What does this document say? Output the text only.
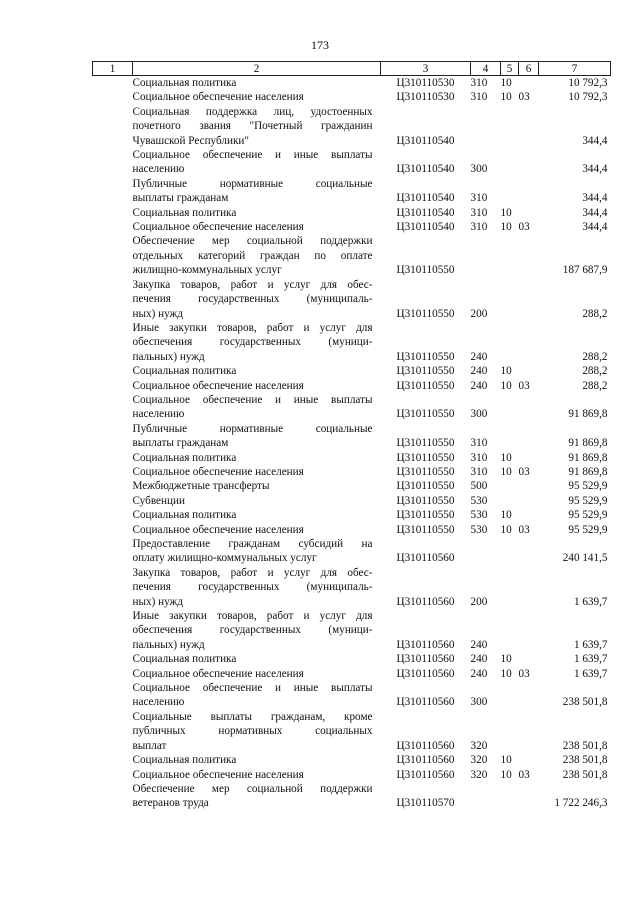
173
1	2	3	4	5	6	7

	Социальная политика	Ц310110530	310	10		10 792,3

	Социальное обеспечение населения	Ц310110530	310	10	03	10 792,3

	Социальная поддержка лиц, удостоенных
почетного звания "Почетный гражданин
Чувашской Республики"	Ц310110540				344,4

	Социальное обеспечение и иные выплаты
населению	Ц310110540	300			344,4

	Публичные нормативные социальные
выплаты гражданам	Ц310110540	310			344,4

	Социальная политика	Ц310110540	310	10		344,4

	Социальное обеспечение населения	Ц310110540	310	10	03	344,4

	Обеспечение мер социальной поддержки
отдельных категорий граждан по оплате
жилищно-коммунальных услуг	Ц310110550				187 687,9

	Закупка товаров, работ и услуг для обес-
печения государственных (муниципаль-
ных) нужд	Ц310110550	200			288,2

	Иные закупки товаров, работ и услуг для
обеспечения государственных (муници-
пальных) нужд	Ц310110550	240			288,2

	Социальная политика	Ц310110550	240	10		288,2

	Социальное обеспечение населения	Ц310110550	240	10	03	288,2

	Социальное обеспечение и иные выплаты
населению	Ц310110550	300			91 869,8

	Публичные нормативные социальные
выплаты гражданам	Ц310110550	310			91 869,8

	Социальная политика	Ц310110550	310	10		91 869,8

	Социальное обеспечение населения	Ц310110550	310	10	03	91 869,8

	Межбюджетные трансферты	Ц310110550	500			95 529,9

	Субвенции	Ц310110550	530			95 529,9

	Социальная политика	Ц310110550	530	10		95 529,9

	Социальное обеспечение населения	Ц310110550	530	10	03	95 529,9

	Предоставление гражданам субсидий на
оплату жилищно-коммунальных услуг	Ц310110560				240 141,5

	Закупка товаров, работ и услуг для обес-
печения государственных (муниципаль-
ных) нужд	Ц310110560	200			1 639,7

	Иные закупки товаров, работ и услуг для
обеспечения государственных (муници-
пальных) нужд	Ц310110560	240			1 639,7

	Социальная политика	Ц310110560	240	10		1 639,7

	Социальное обеспечение населения	Ц310110560	240	10	03	1 639,7

	Социальное обеспечение и иные выплаты
населению	Ц310110560	300			238 501,8

	Социальные выплаты гражданам, кроме
публичных нормативных социальных
выплат	Ц310110560	320			238 501,8

	Социальная политика	Ц310110560	320	10		238 501,8

	Социальное обеспечение населения	Ц310110560	320	10	03	238 501,8

	Обеспечение мер социальной поддержки
ветеранов труда	Ц310110570				1 722 246,3
